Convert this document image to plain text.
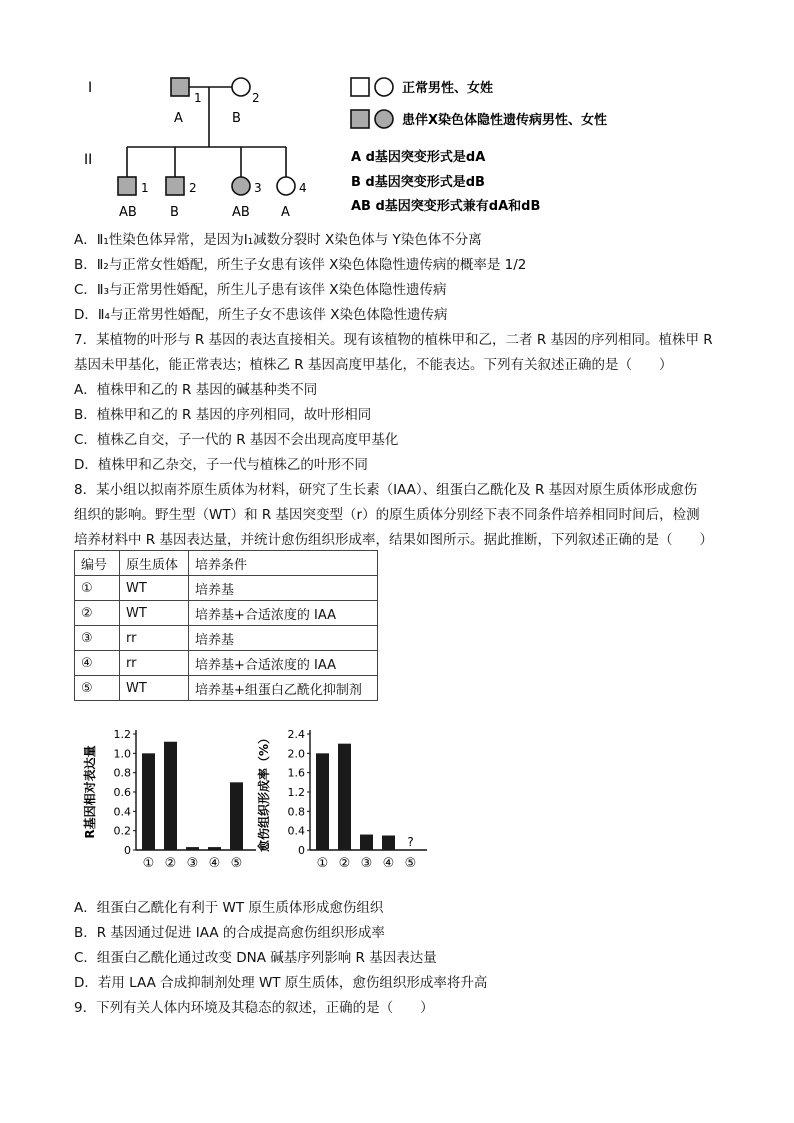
I
II
1
A
2
B
1
AB
2
B
3
AB
4
A
正常男性、女姓
患伴X染色体隐性遗传病男性、女性
A d基因突变形式是dA
B d基因突变形式是dB
AB d基因突变形式兼有dA和dB
A．Ⅱ₁性染色体异常，是因为Ⅰ₁减数分裂时 X染色体与 Y染色体不分离
B．Ⅱ₂与正常女性婚配，所生子女患有该伴 X染色体隐性遗传病的概率是 1/2
C．Ⅱ₃与正常男性婚配，所生儿子患有该伴 X染色体隐性遗传病
D．Ⅱ₄与正常男性婚配，所生子女不患该伴 X染色体隐性遗传病
7．某植物的叶形与 R 基因的表达直接相关。现有该植物的植株甲和乙，二者 R 基因的序列相同。植株甲 R
基因未甲基化，能正常表达；植株乙 R 基因高度甲基化，不能表达。下列有关叙述正确的是（　　）
A．植株甲和乙的 R 基因的碱基种类不同
B．植株甲和乙的 R 基因的序列相同，故叶形相同
C．植株乙自交，子一代的 R 基因不会出现高度甲基化
D．植株甲和乙杂交，子一代与植株乙的叶形不同
8．某小组以拟南芥原生质体为材料，研究了生长素（IAA）、组蛋白乙酰化及 R 基因对原生质体形成愈伤
组织的影响。野生型（WT）和 R 基因突变型（r）的原生质体分别经下表不同条件培养相同时间后，检测
培养材料中 R 基因表达量，并统计愈伤组织形成率，结果如图所示。据此推断，下列叙述正确的是（　　）
编号	原生质体	培养条件
①	WT	培养基
②	WT	培养基+合适浓度的 IAA
③	rr	培养基
④	rr	培养基+合适浓度的 IAA
⑤	WT	培养基+组蛋白乙酰化抑制剂
R基因相对表达量
0
0.2
0.4
0.6
0.8
1.0
1.2
① ② ③ ④ ⑤
愈伤组织形成率（%） 0
0.4
0.8
1.2
1.6
2.0
2.4
① ② ③ ④
?
⑤
A．组蛋白乙酰化有利于 WT 原生质体形成愈伤组织
B．R 基因通过促进 IAA 的合成提高愈伤组织形成率
C．组蛋白乙酰化通过改变 DNA 碱基序列影响 R 基因表达量
D．若用 LAA 合成抑制剂处理 WT 原生质体，愈伤组织形成率将升高
9．下列有关人体内环境及其稳态的叙述，正确的是（　　）
